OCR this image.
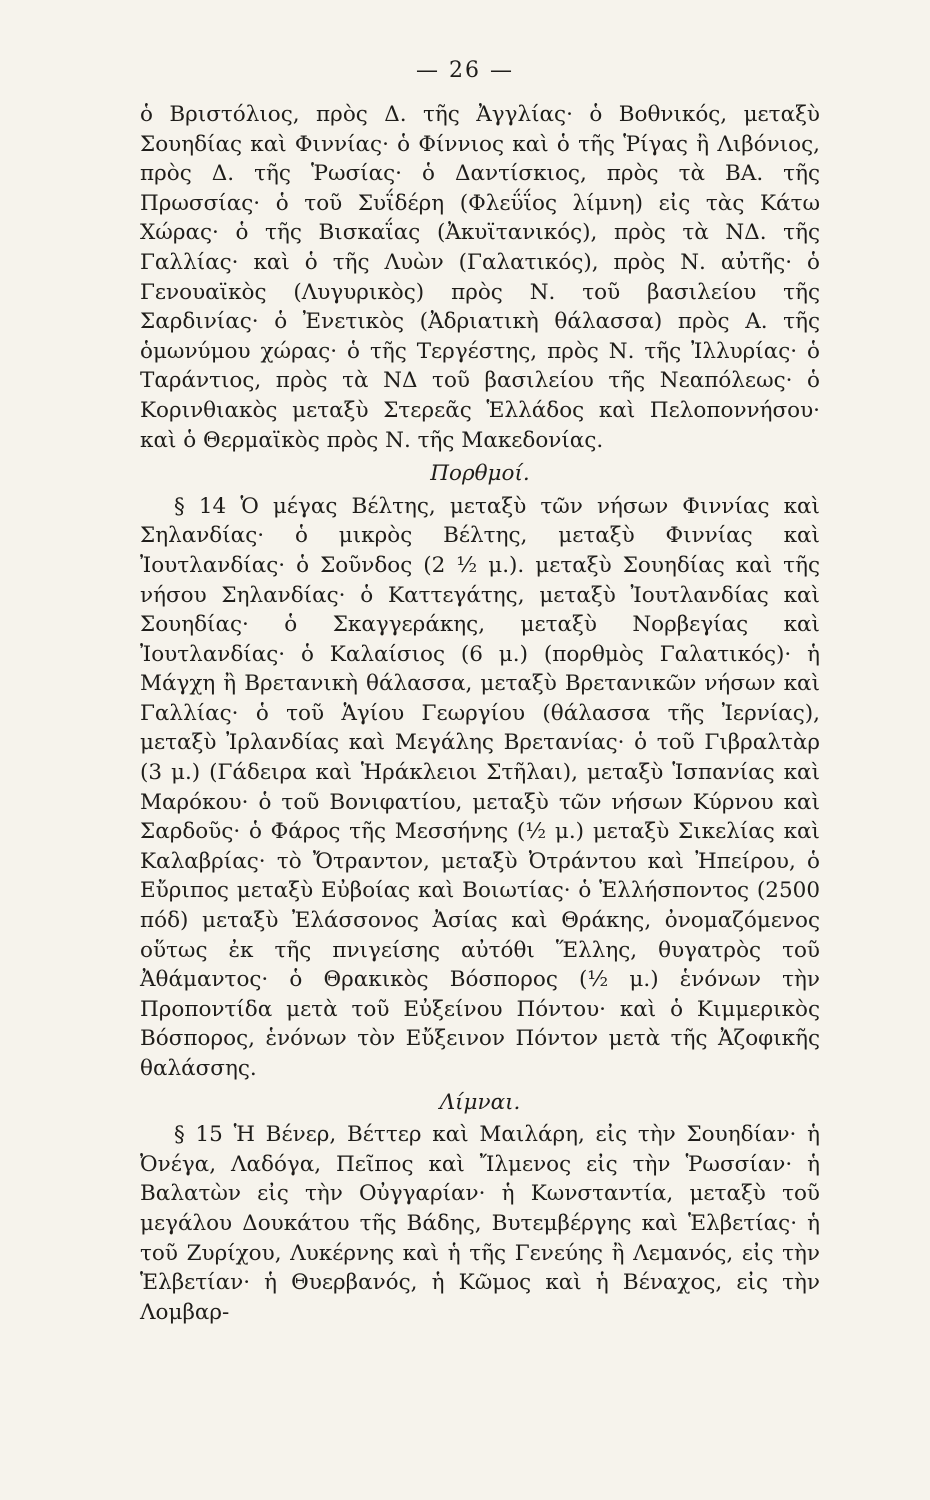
— 26 —

ὁ Βριστόλιος, πρὸς Δ. τῆς Ἀγγλίας· ὁ Βοθνικός, μεταξὺ Σουηδίας καὶ Φιννίας· ὁ Φίννιος καὶ ὁ τῆς Ῥίγας ἢ Λιβόνιος, πρὸς Δ. τῆς Ῥωσίας· ὁ Δαντίσκιος, πρὸς τὰ ΒΑ. τῆς Πρωσσίας· ὁ τοῦ Συΐδέρη (Φλεΰΐος λίμνη) εἰς τὰς Κάτω Χώρας· ὁ τῆς Βισκαΐας (Ἀκυϊτανικός), πρὸς τὰ ΝΔ. τῆς Γαλλίας· καὶ ὁ τῆς Λυὼν (Γαλατικός), πρὸς Ν. αὐτῆς· ὁ Γενουαϊκὸς (Λυγυρικὸς) πρὸς Ν. τοῦ βασιλείου τῆς Σαρδινίας· ὁ Ἐνετικὸς (Ἀδριατικὴ θάλασσα) πρὸς Α. τῆς ὁμωνύμου χώρας· ὁ τῆς Τεργέστης, πρὸς Ν. τῆς Ἰλλυρίας· ὁ Ταράντιος, πρὸς τὰ ΝΔ τοῦ βασιλείου τῆς Νεαπόλεως· ὁ Κορινθιακὸς μεταξὺ Στερεᾶς Ἑλλάδος καὶ Πελοποννήσου· καὶ ὁ Θερμαϊκὸς πρὸς Ν. τῆς Μακεδονίας.

Πορθμοί.

§ 14 Ὁ μέγας Βέλτης, μεταξὺ τῶν νήσων Φιννίας καὶ Σηλανδίας· ὁ μικρὸς Βέλτης, μεταξὺ Φιννίας καὶ Ἰουτλανδίας· ὁ Σοῦνδος (2 ½ μ.). μεταξὺ Σουηδίας καὶ τῆς νήσου Σηλανδίας· ὁ Καττεγάτης, μεταξὺ Ἰουτλανδίας καὶ Σουηδίας· ὁ Σκαγγεράκης, μεταξὺ Νορβεγίας καὶ Ἰουτλανδίας· ὁ Καλαίσιος (6 μ.) (πορθμὸς Γαλατικός)· ἡ Μάγχη ἢ Βρετανικὴ θάλασσα, μεταξὺ Βρετανικῶν νήσων καὶ Γαλλίας· ὁ τοῦ Ἁγίου Γεωργίου (θάλασσα τῆς Ἰερνίας), μεταξὺ Ἰρλανδίας καὶ Μεγάλης Βρετανίας· ὁ τοῦ Γιβραλτὰρ (3 μ.) (Γάδειρα καὶ Ἡράκλειοι Στῆλαι), μεταξὺ Ἱσπανίας καὶ Μαρόκου· ὁ τοῦ Βονιφατίου, μεταξὺ τῶν νήσων Κύρνου καὶ Σαρδοῦς· ὁ Φάρος τῆς Μεσσήνης (½ μ.) μεταξὺ Σικελίας καὶ Καλαβρίας· τὸ Ὄτραντον, μεταξὺ Ὀτράντου καὶ Ἠπείρου, ὁ Εὔριπος μεταξὺ Εὐβοίας καὶ Βοιωτίας· ὁ Ἑλλήσποντος (2500 πόδ) μεταξὺ Ἐλάσσονος Ἀσίας καὶ Θράκης, ὀνομαζόμενος οὕτως ἐκ τῆς πνιγείσης αὐτόθι Ἕλλης, θυγατρὸς τοῦ Ἀθάμαντος· ὁ Θρακικὸς Βόσπορος (½ μ.) ἑνόνων τὴν Προποντίδα μετὰ τοῦ Εὐξείνου Πόντου· καὶ ὁ Κιμμερικὸς Βόσπορος, ἑνόνων τὸν Εὔξεινον Πόντον μετὰ τῆς Ἀζοφικῆς θαλάσσης.

Λίμναι.

§ 15 Ἡ Βένερ, Βέττερ καὶ Μαιλάρη, εἰς τὴν Σουηδίαν· ἡ Ὀνέγα, Λαδόγα, Πεῖπος καὶ Ἴλμενος εἰς τὴν Ῥωσσίαν· ἡ Βαλατὼν εἰς τὴν Οὐγγαρίαν· ἡ Κωνσταντία, μεταξὺ τοῦ μεγάλου Δουκάτου τῆς Βάδης, Βυτεμβέργης καὶ Ἑλβετίας· ἡ τοῦ Ζυρίχου, Λυκέρνης καὶ ἡ τῆς Γενεύης ἢ Λεμανός, εἰς τὴν Ἑλβετίαν· ἡ Θυερβανός, ἡ Κῶμος καὶ ἡ Βέναχος, εἰς τὴν Λομβαρ-
